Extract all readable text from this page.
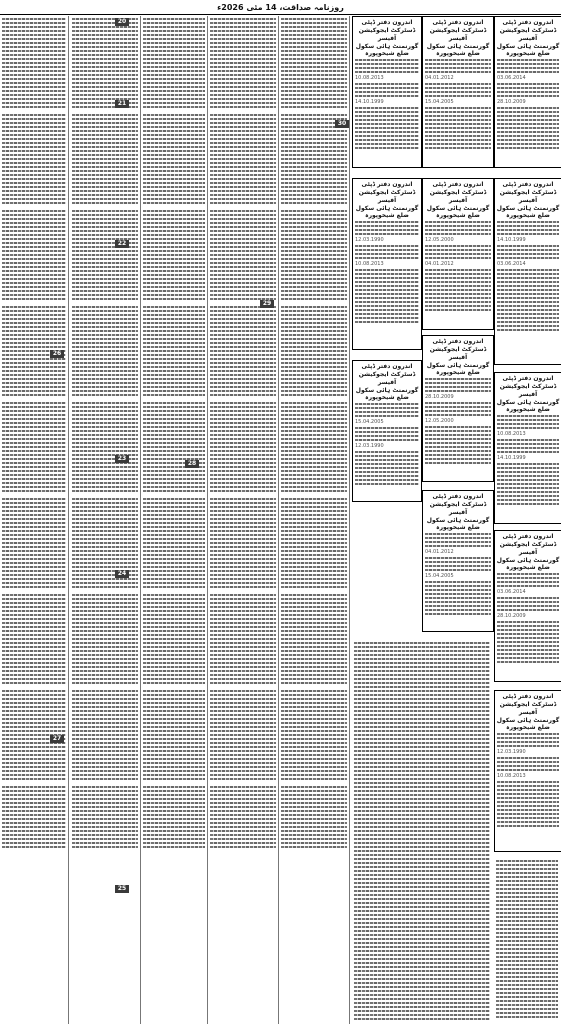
روزنامہ صداقت، 14 مئی 2026ء
20
21
22
23
24
25
26
27
28
29
30
اندرون دفتر ڈپٹی ڈسٹرکٹ ایجوکیشن آفیسر
گورنمنٹ ہائی سکول ضلع شیخوپورہ
10.08.2013
14.10.1999
اندرون دفتر ڈپٹی ڈسٹرکٹ ایجوکیشن آفیسر
گورنمنٹ ہائی سکول ضلع شیخوپورہ
04.01.2012
15.04.2005
اندرون دفتر ڈپٹی ڈسٹرکٹ ایجوکیشن آفیسر
گورنمنٹ ہائی سکول ضلع شیخوپورہ
03.06.2014
28.10.2009
اندرون دفتر ڈپٹی ڈسٹرکٹ ایجوکیشن آفیسر
گورنمنٹ ہائی سکول ضلع شیخوپورہ
12.03.1990
10.08.2013
اندرون دفتر ڈپٹی ڈسٹرکٹ ایجوکیشن آفیسر
گورنمنٹ ہائی سکول ضلع شیخوپورہ
12.05.2000
04.01.2012
اندرون دفتر ڈپٹی ڈسٹرکٹ ایجوکیشن آفیسر
گورنمنٹ ہائی سکول ضلع شیخوپورہ
14.10.1999
03.06.2014
اندرون دفتر ڈپٹی ڈسٹرکٹ ایجوکیشن آفیسر
گورنمنٹ ہائی سکول ضلع شیخوپورہ
15.04.2005
12.03.1990
اندرون دفتر ڈپٹی ڈسٹرکٹ ایجوکیشن آفیسر
گورنمنٹ ہائی سکول ضلع شیخوپورہ
28.10.2009
12.05.2000
اندرون دفتر ڈپٹی ڈسٹرکٹ ایجوکیشن آفیسر
گورنمنٹ ہائی سکول ضلع شیخوپورہ
10.08.2013
14.10.1999
اندرون دفتر ڈپٹی ڈسٹرکٹ ایجوکیشن آفیسر
گورنمنٹ ہائی سکول ضلع شیخوپورہ
04.01.2012
15.04.2005
اندرون دفتر ڈپٹی ڈسٹرکٹ ایجوکیشن آفیسر
گورنمنٹ ہائی سکول ضلع شیخوپورہ
03.06.2014
28.10.2009
اندرون دفتر ڈپٹی ڈسٹرکٹ ایجوکیشن آفیسر
گورنمنٹ ہائی سکول ضلع شیخوپورہ
12.03.1990
10.08.2013
